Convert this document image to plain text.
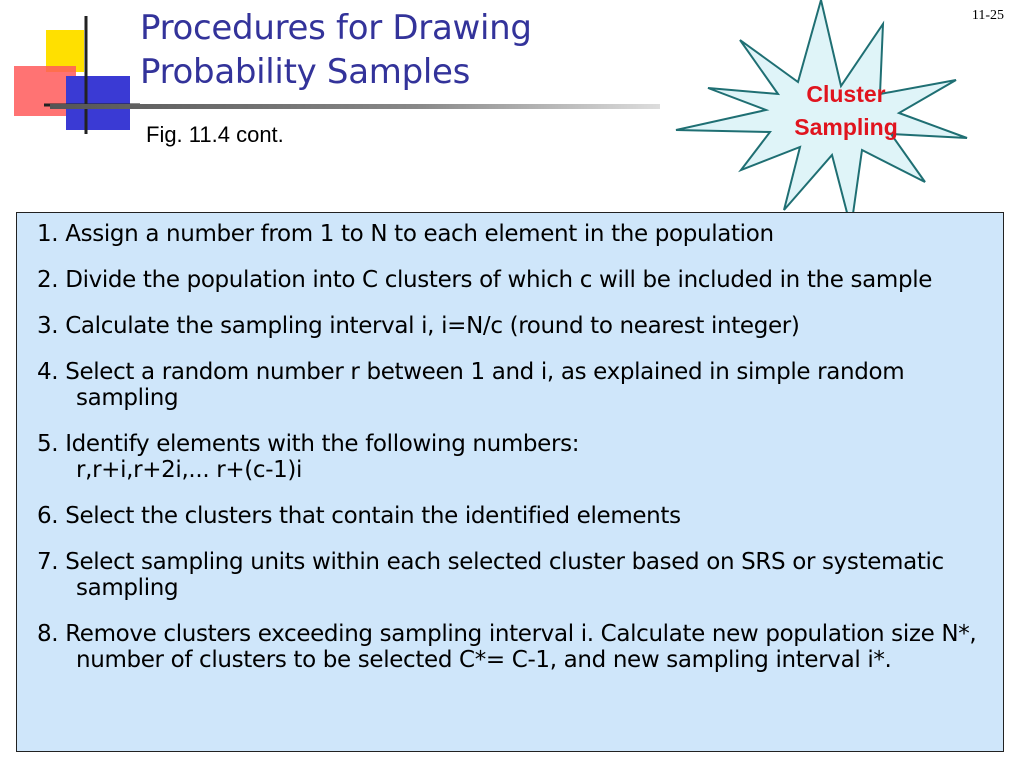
Procedures for Drawing
Probability Samples
Fig. 11.4 cont.
11-25
Cluster
Sampling
1. Assign a number from 1 to N to each element in the population
2. Divide the population into C clusters of which c will be included in the sample
3. Calculate the sampling interval i, i=N/c (round to nearest integer)
4. Select a random number r between 1 and i, as explained in simple random sampling
5. Identify elements with the following numbers:
r,r+i,r+2i,... r+(c-1)i
6. Select the clusters that contain the identified elements
7. Select sampling units within each selected cluster based on SRS or systematic sampling
8. Remove clusters exceeding sampling interval i. Calculate new population size N*, number of clusters to be selected C*= C-1, and new sampling interval i*.
